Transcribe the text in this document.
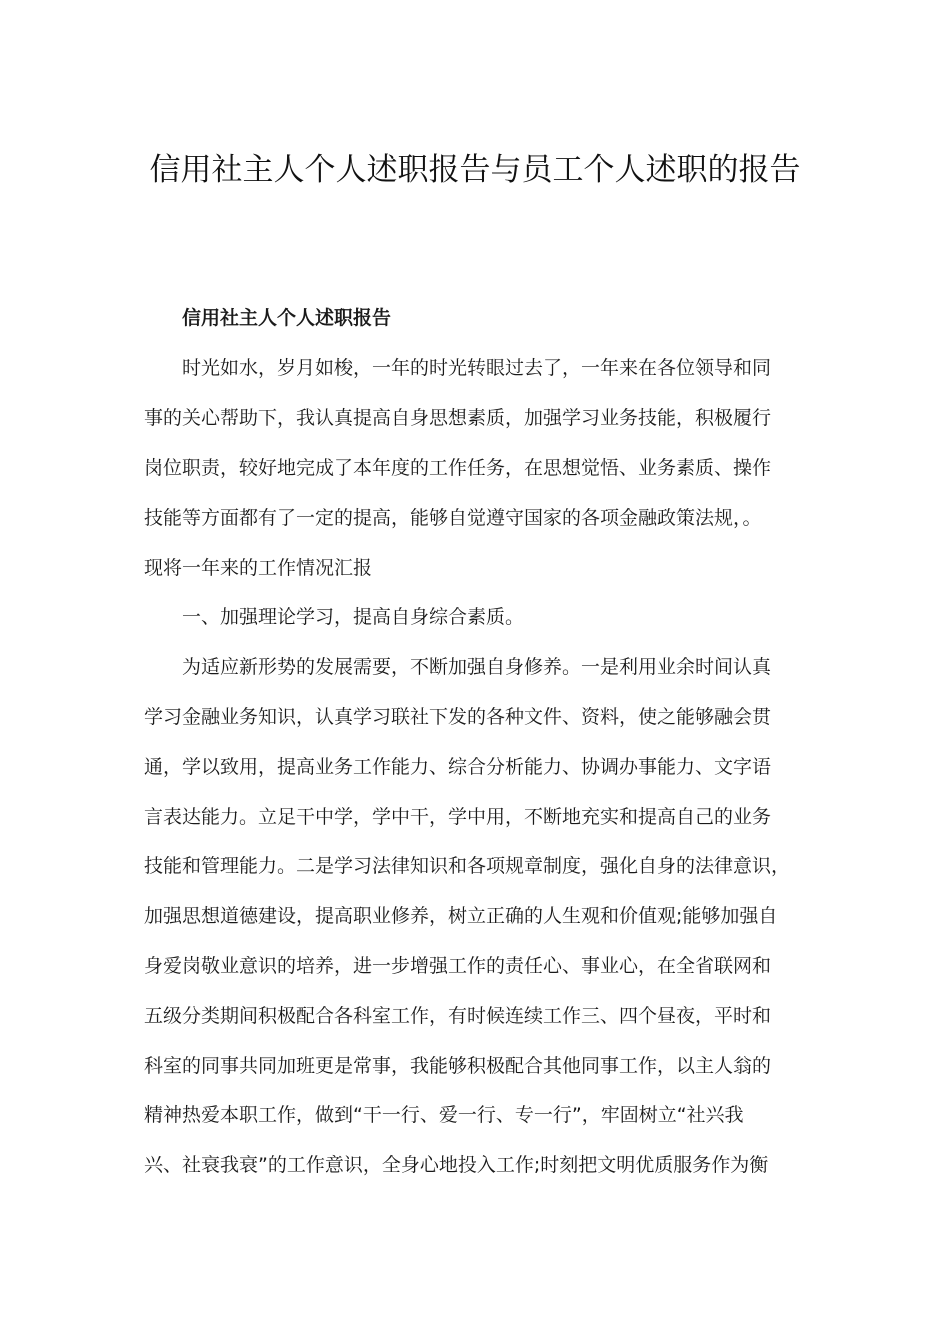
信用社主人个人述职报告与员工个人述职的报告
信用社主人个人述职报告

时光如水，岁月如梭，一年的时光转眼过去了，一年来在各位领导和同

事的关心帮助下，我认真提高自身思想素质，加强学习业务技能，积极履行

岗位职责，较好地完成了本年度的工作任务，在思想觉悟、业务素质、操作

技能等方面都有了一定的提高，能够自觉遵守国家的各项金融政策法规，。

现将一年来的工作情况汇报

一、加强理论学习，提高自身综合素质。

为适应新形势的发展需要，不断加强自身修养。一是利用业余时间认真

学习金融业务知识，认真学习联社下发的各种文件、资料，使之能够融会贯

通，学以致用，提高业务工作能力、综合分析能力、协调办事能力、文字语

言表达能力。立足干中学，学中干，学中用，不断地充实和提高自己的业务

技能和管理能力。二是学习法律知识和各项规章制度，强化自身的法律意识，

加强思想道德建设，提高职业修养，树立正确的人生观和价值观;能够加强自

身爱岗敬业意识的培养，进一步增强工作的责任心、事业心，在全省联网和

五级分类期间积极配合各科室工作，有时候连续工作三、四个昼夜，平时和

科室的同事共同加班更是常事，我能够积极配合其他同事工作，以主人翁的

精神热爱本职工作，做到“干一行、爱一行、专一行”，牢固树立“社兴我

兴、社衰我衰”的工作意识，全身心地投入工作;时刻把文明优质服务作为衡
